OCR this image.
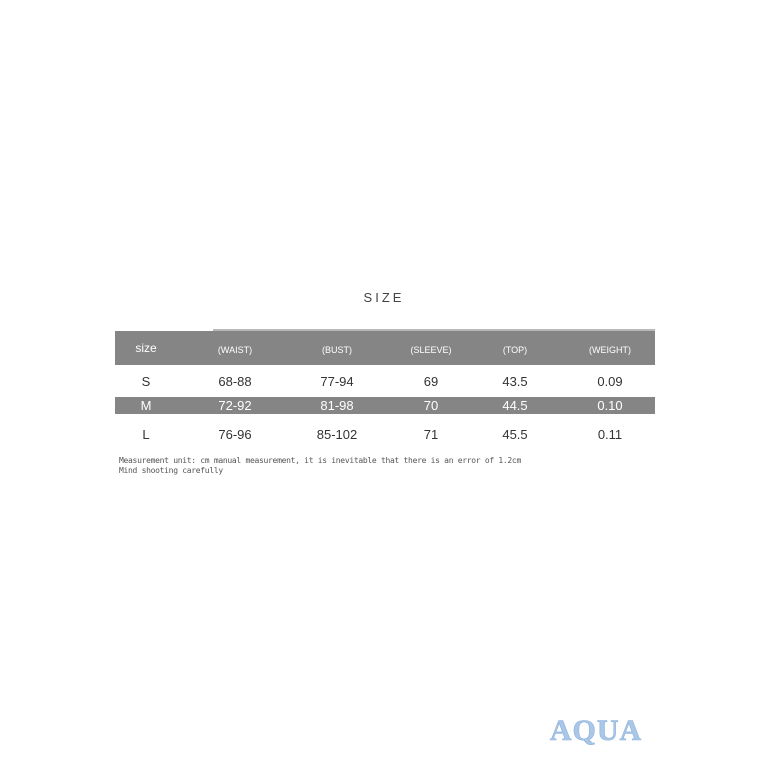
SIZE
size	(WAIST)	(BUST)	(SLEEVE)	(TOP)	(WEIGHT)
S	68-88	77-94	69	43.5	0.09
M	72-92	81-98	70	44.5	0.10
L	76-96	85-102	71	45.5	0.11
Measurement unit: cm manual measurement, it is inevitable that there is an error of 1.2cm
Mind shooting carefully
AQUA
